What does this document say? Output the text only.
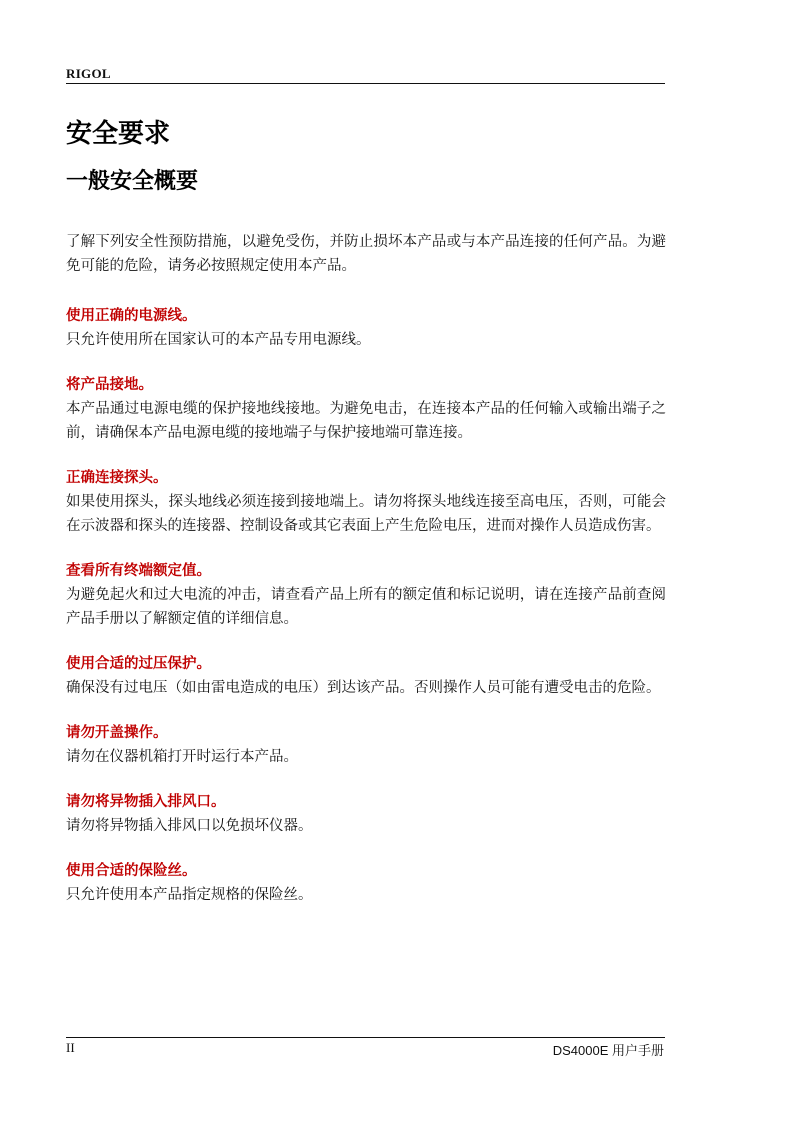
RIGOL
安全要求
一般安全概要

了解下列安全性预防措施，以避免受伤，并防止损坏本产品或与本产品连接的任何产品。为避免可能的危险，请务必按照规定使用本产品。

使用正确的电源线。

只允许使用所在国家认可的本产品专用电源线。

将产品接地。

本产品通过电源电缆的保护接地线接地。为避免电击，在连接本产品的任何输入或输出端子之前，请确保本产品电源电缆的接地端子与保护接地端可靠连接。

正确连接探头。

如果使用探头，探头地线必须连接到接地端上。请勿将探头地线连接至高电压，否则，可能会在示波器和探头的连接器、控制设备或其它表面上产生危险电压，进而对操作人员造成伤害。

查看所有终端额定值。

为避免起火和过大电流的冲击，请查看产品上所有的额定值和标记说明，请在连接产品前查阅产品手册以了解额定值的详细信息。

使用合适的过压保护。

确保没有过电压（如由雷电造成的电压）到达该产品。否则操作人员可能有遭受电击的危险。

请勿开盖操作。

请勿在仪器机箱打开时运行本产品。

请勿将异物插入排风口。

请勿将异物插入排风口以免损坏仪器。

使用合适的保险丝。

只允许使用本产品指定规格的保险丝。

II	DS4000E 用户手册
